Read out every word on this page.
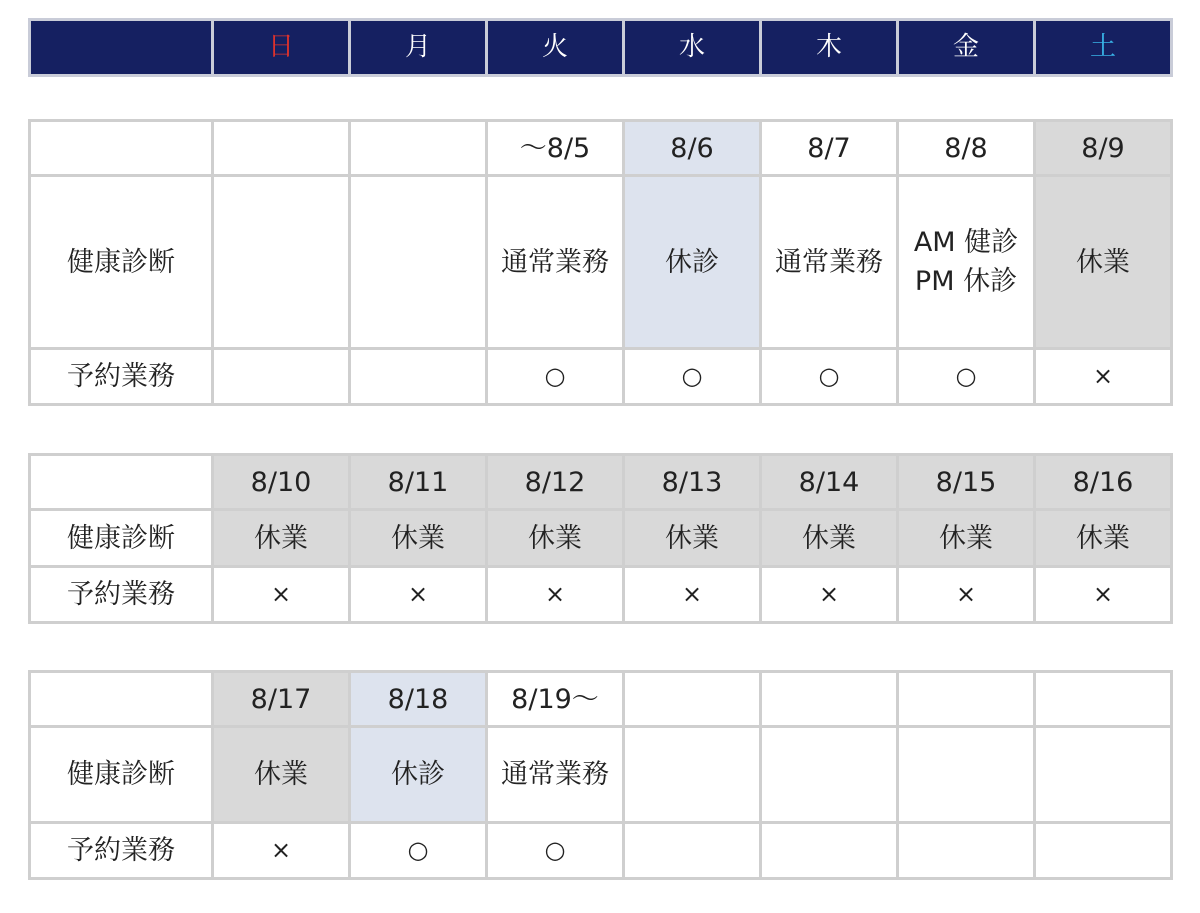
	日	月	火	水	木	金	土
			～8/5	8/6	8/7	8/8	8/9
健康診断			通常業務	休診	通常業務	AM 健診 PM 休診	休業
予約業務			○	○	○	○	×
	8/10	8/11	8/12	8/13	8/14	8/15	8/16
健康診断	休業	休業	休業	休業	休業	休業	休業
予約業務	×	×	×	×	×	×	×
	8/17	8/18	8/19～				
健康診断	休業	休診	通常業務				
予約業務	×	○	○				
